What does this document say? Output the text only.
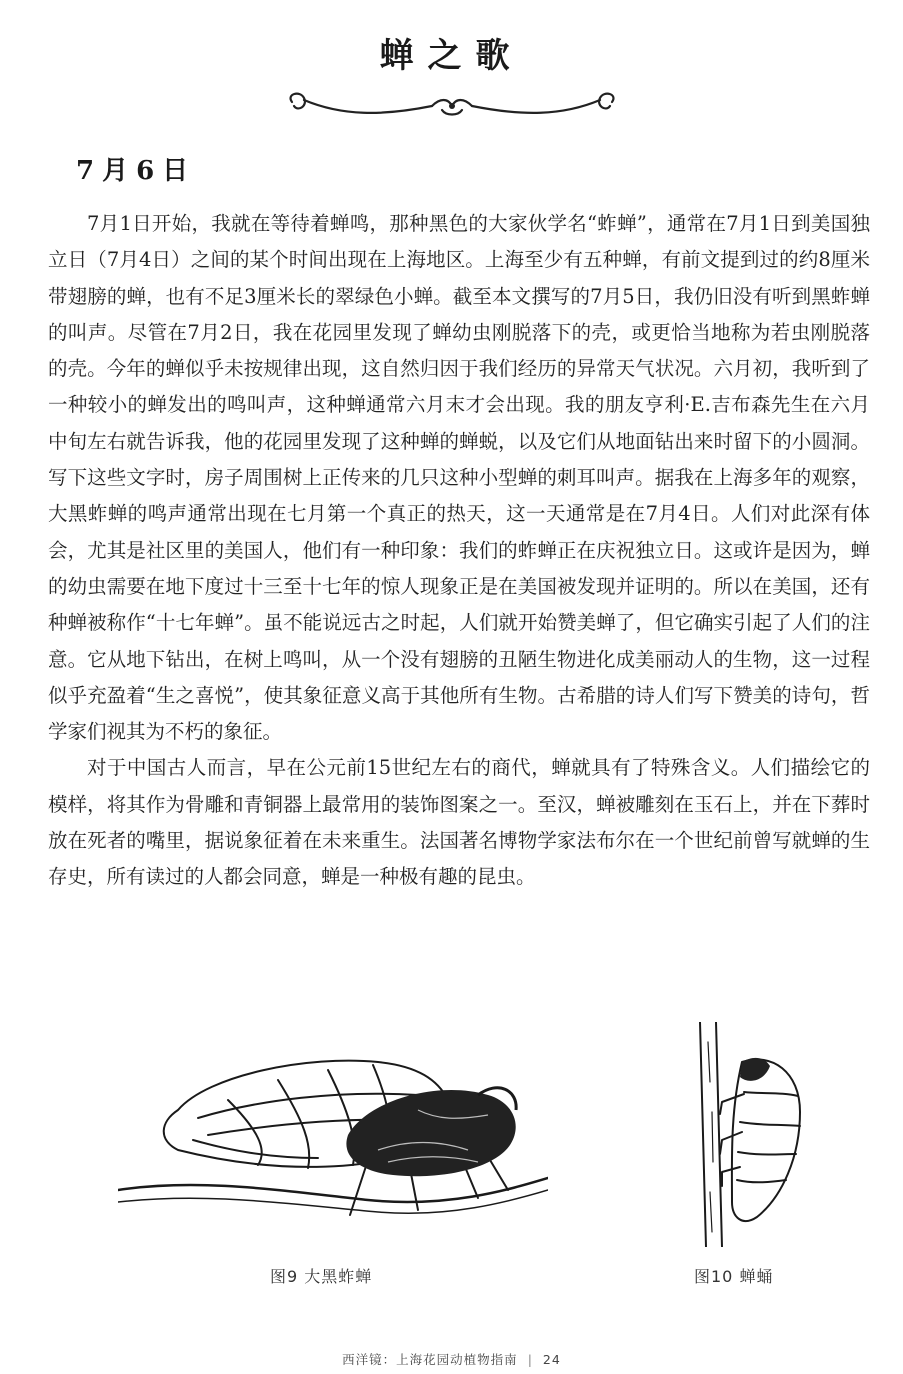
蝉之歌
7月6日

7月1日开始，我就在等待着蝉鸣，那种黑色的大家伙学名“蚱蝉”，通常在7月1日到美国独立日（7月4日）之间的某个时间出现在上海地区。上海至少有五种蝉，有前文提到过的约8厘米带翅膀的蝉，也有不足3厘米长的翠绿色小蝉。截至本文撰写的7月5日，我仍旧没有听到黑蚱蝉的叫声。尽管在7月2日，我在花园里发现了蝉幼虫刚脱落下的壳，或更恰当地称为若虫刚脱落的壳。今年的蝉似乎未按规律出现，这自然归因于我们经历的异常天气状况。六月初，我听到了一种较小的蝉发出的鸣叫声，这种蝉通常六月末才会出现。我的朋友亨利·E.吉布森先生在六月中旬左右就告诉我，他的花园里发现了这种蝉的蝉蜕，以及它们从地面钻出来时留下的小圆洞。写下这些文字时，房子周围树上正传来的几只这种小型蝉的刺耳叫声。据我在上海多年的观察，大黑蚱蝉的鸣声通常出现在七月第一个真正的热天，这一天通常是在7月4日。人们对此深有体会，尤其是社区里的美国人，他们有一种印象：我们的蚱蝉正在庆祝独立日。这或许是因为，蝉的幼虫需要在地下度过十三至十七年的惊人现象正是在美国被发现并证明的。所以在美国，还有种蝉被称作“十七年蝉”。虽不能说远古之时起，人们就开始赞美蝉了，但它确实引起了人们的注意。它从地下钻出，在树上鸣叫，从一个没有翅膀的丑陋生物进化成美丽动人的生物，这一过程似乎充盈着“生之喜悦”，使其象征意义高于其他所有生物。古希腊的诗人们写下赞美的诗句，哲学家们视其为不朽的象征。

对于中国古人而言，早在公元前15世纪左右的商代，蝉就具有了特殊含义。人们描绘它的模样，将其作为骨雕和青铜器上最常用的装饰图案之一。至汉，蝉被雕刻在玉石上，并在下葬时放在死者的嘴里，据说象征着在未来重生。法国著名博物学家法布尔在一个世纪前曾写就蝉的生存史，所有读过的人都会同意，蝉是一种极有趣的昆虫。

图9 大黑蚱蝉	图10 蝉蛹
西洋镜：上海花园动植物指南 | 24
